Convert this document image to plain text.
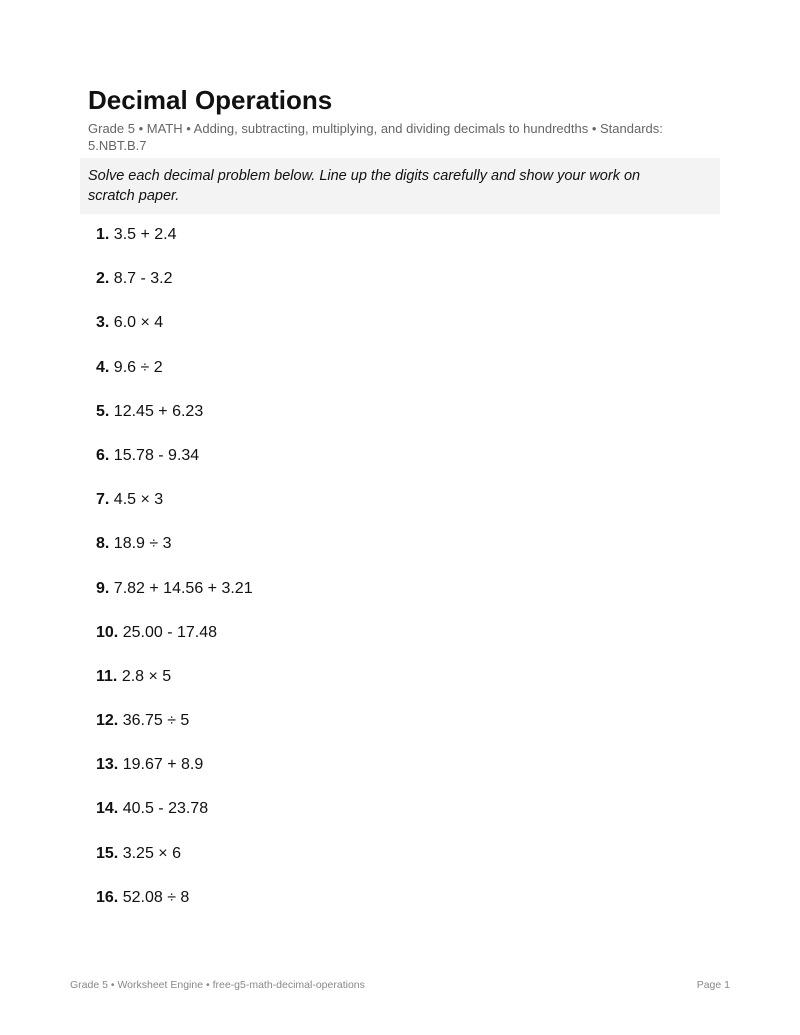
Decimal Operations
Grade 5 • MATH • Adding, subtracting, multiplying, and dividing decimals to hundredths • Standards: 5.NBT.B.7
Solve each decimal problem below. Line up the digits carefully and show your work on scratch paper.
1. 3.5 + 2.4
2. 8.7 - 3.2
3. 6.0 × 4
4. 9.6 ÷ 2
5. 12.45 + 6.23
6. 15.78 - 9.34
7. 4.5 × 3
8. 18.9 ÷ 3
9. 7.82 + 14.56 + 3.21
10. 25.00 - 17.48
11. 2.8 × 5
12. 36.75 ÷ 5
13. 19.67 + 8.9
14. 40.5 - 23.78
15. 3.25 × 6
16. 52.08 ÷ 8
Grade 5 • Worksheet Engine • free-g5-math-decimal-operations	Page 1
